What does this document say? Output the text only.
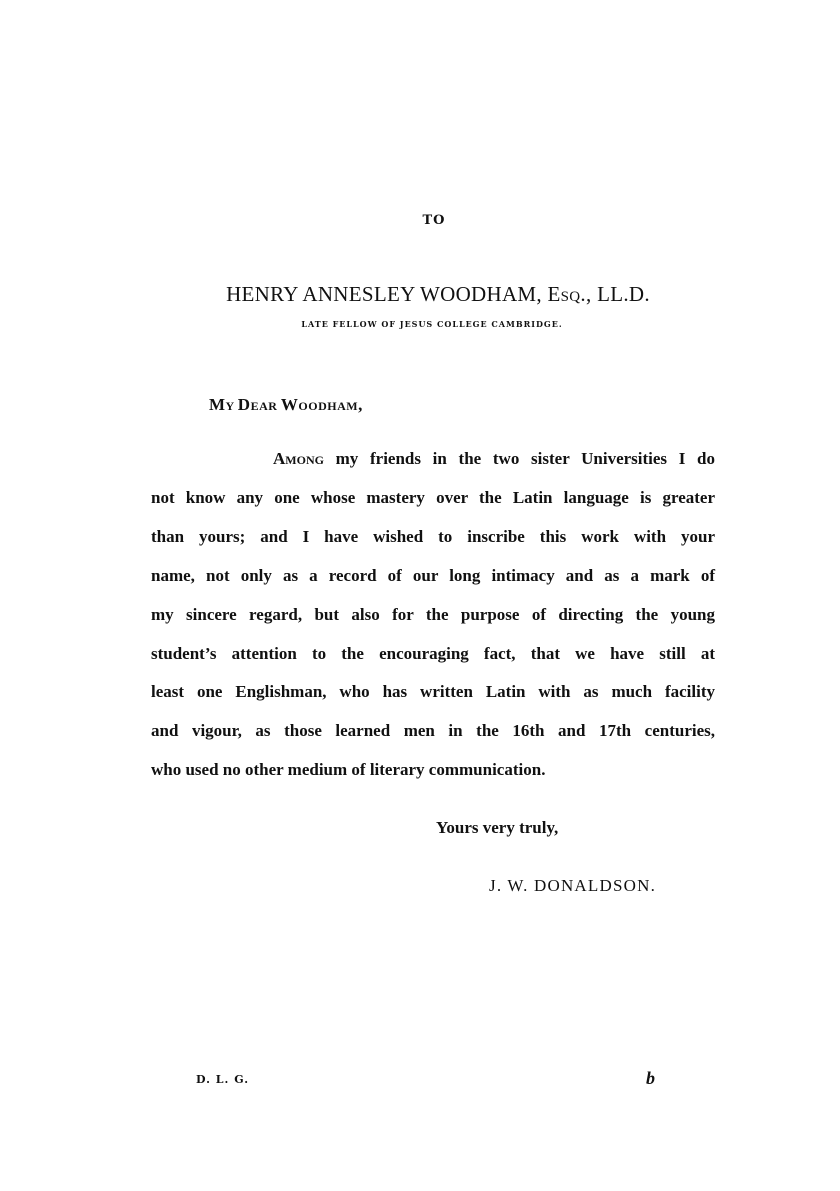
TO
HENRY ANNESLEY WOODHAM, ESQ., LL.D.
LATE FELLOW OF JESUS COLLEGE CAMBRIDGE.
MY DEAR WOODHAM,
AMONG my friends in the two sister Universities I do
not know any one whose mastery over the Latin language is greater
than yours; and I have wished to inscribe this work with your
name, not only as a record of our long intimacy and as a mark of
my sincere regard, but also for the purpose of directing the young
student’s attention to the encouraging fact, that we have still at
least one Englishman, who has written Latin with as much facility
and vigour, as those learned men in the 16th and 17th centuries,
who used no other medium of literary communication.
Yours very truly,
J. W. DONALDSON.
D. L. G.	b
